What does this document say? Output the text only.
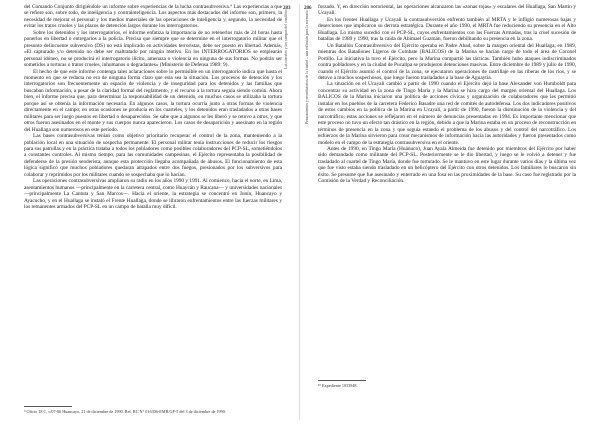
del Comando Conjunto dirigiéndole un informe sobre experiencias de la lucha contrasubversiva.⁹ Las experiencias a que se refiere son, sobre todo, de inteligencia y contrainteligencia. Los aspectos más destacados del informe son, primero, la necesidad de mejorar el personal y los medios materiales de las operaciones de inteligencia y, segundo, la necesidad de evitar los tratos crueles y las plazos de detención largos durante los interrogatorios.

Sobre los detenidos y los interrogatorios, el informe enfatiza la importancia de no retenerlos más de 24 horas hasta ponerlos en libertad o entregarlos a la policía. Precisa que siempre que se determine en el interrogatorio militar que el presunto delincuente subversivo (DS) no está implicado en actividades terroristas, debe ser puesto en libertad. Además, «El capturado y/o detenido no debe ser maltratado por ningún motivo. En los INTERROGATORIOS se emplearán personal idóneo, no se producirá el interrogatorio ilícito, amenaza o violencia en ninguna de sus formas. No podrán ser sometidos a torturas o tratos crueles, inhumanos o degradantes» (Ministerio de Defensa 1989: 9).

El hecho de que este informe contenga tales aclaraciones sobre lo permisible en un interrogatorio indica que hasta el momento en que se redacta no era de ninguna forma claro que esta sea la situación. Los procesos de detención y los interrogatorios son frecuentemente un espacio de violencia y de inseguridad para los detenidos y las familias que buscaban información, a pesar de la claridad formal del reglamento, y el recurso a la tortura seguía siendo común. Ahora bien, el informe precisa que, para determinar la responsabilidad de un detenido, en muchos casos se utilizaba la tortura porque así se obtenía la información necesaria. En algunos casos, la tortura ocurría junto a otras formas de violencia directamente en el campo; en otras ocasiones se producía en los cuarteles, y los detenidos eran trasladados a otras bases militares para ser luego puestos en libertad o desaparecidos. Se sabe que a algunos se les liberó y se retuvo a otros, y que otros fueron asesinados en el monte y sus cuerpos nunca aparecieron. Los casos de desaparición y asesinato en la región del Huallaga son numerosos en este período.

Las bases contrasubversivas tenían como objetivo prioritario recuperar el control de la zona, manteniendo a la población local en una situación de sospecha permanente. El personal militar tenía instrucciones de reducir los riesgos para sus patrullas y en la práctica trataba a todos los pobladores como posibles colaboradores del PCP-SL, sometiéndolos a constantes controles. Al mismo tiempo, para las comunidades campesinas, el Ejército representaba la posibilidad de defenderse de la presión senderista, aunque esta protección llegaba acompañada de abusos. El funcionamiento de esta lógica significó que muchos pobladores quedaran atrapados entre dos fuegos, presionados por los subversivos para colaborar y reprimidos por los militares cuando se sospechaba que lo hacían.

Las operaciones contrasubversivas ampliaron su radio en los años 1990 y 1991. Al comienzo, hacia el norte, en Lima, asentamientos humanos —principalmente en la carretera central, como Huaycán y Raucana— y universidades nacionales —principalmente La Cantuta y San Marcos—. Hacia el oriente, la estrategia se concentró en Junín, Huancayo y Ayacucho, y en el Huallaga se instaló el Frente Huallaga, donde se libraron enfrentamientos entre las fuerzas militares y los remanentes armados del PCP-SL en un campo de batalla muy difícil.

⁹ Oficio 18 C. c/07-06 Huancayo, 21 de diciembre de 1990. Ref. RC N° 016306-EMB/GP-5 del 3 de diciembre de 1990.
283
Las cárceles y los campos del conflicto
286
Pensamientos y recordatorios de la ciudad – una reflexión para la memoria

forzado. Y, en dirección nororiental, las operaciones alcanzaron las «zonas rojas» y escalares del Huallaga, San Martín y Ucayali.

En los frentes Huallaga y Ucayali la contrasubversión enfrentó también al MRTA y le infligió numerosas bajas y deserciones que implicaron su derrota estratégica. Durante el año 1990, el MRTA fue reduciendo su presencia en el Alto Huallaga. Lo mismo sucedió con el PCP-SL, cuyos enfrentamientos con las Fuerzas Armadas, tras la cruel sucesión de batallas de 1989 y 1990, tras la caída de Abimael Guzmán, fueron debilitando su presencia en la zona.

Un Batallón Contrasubversivo del Ejército operaba en Padre Abad, sobre la margen oriental del Huallaga, en 1989, mientras dos Batallones Ligeros de Combate (BALICOS) de la Marina se hacían cargo de todo el área de Coronel Portillo. La iniciativa la tuvo el Ejército, pero la Marina compartió las tácticas. También hubo ataques indiscriminados contra pobladores y en la ciudad de Pucallpa se produjeron detenciones masivas. Entre diciembre de 1989 y julio de 1990, cuando el Ejército asumió el control de la zona, se ejecutaron operaciones de rastrillaje en las riberas de los ríos, y se detuvo a muchos sospechosos, que luego fueron trasladados a la base de Aguaytía.

La situación en el Ucayali cambió a partir de 1990 cuando el Ejército dejó la base Alexander von Humboldt para concentrar su actividad en la zona de Tingo María y la Marina se hizo cargo del margen oriental del Huallaga. Los BALICOS de la Marina iniciaron una política de acciones cívicas y organización de colaboradores que les permitió instalar en los pueblos de la carretera Federico Basadre una red de comités de autodefensa. Los dos indicadores positivos de estos cambios en la política de la Marina en Ucayali, a partir de 1990, fueron la disminución de la violencia y del narcotráfico; estas acciones se reflejaron en el número de denuncias presentadas en 1994. Es importante mencionar que este proceso no tuvo un efecto tan drástico en la región, debido a que la Marina estaba en un proceso de reconstrucción en términos de presencia en la zona y que seguía estando el problema de los abusos y del control del narcotráfico. Los esfuerzos de la Marina sirvieron para crear mecanismos de información hacia las autoridades y fueron presentados como modelo en el campo de la estrategia contrasubversiva en el oriente.

Antes de 1990, en Tingo María (Huánuco), Juan Ayala Almeida fue detenido por miembros del Ejército por haber sido demandado como militante del PCP-SL. Posteriormente se le dio libertad, y luego se le volvió a detener y fue trasladado al cuartel de Tingo María, donde fue torturado. Se le mantuvo en este lugar durante varios días y la última vez que fue visto estaba siendo trasladado en un helicóptero del Ejército con otros detenidos. Los familiares lo buscaron sin éxito. Se presume que fue asesinado y enterrado en una fosa en las proximidades de la base. Su caso fue registrado por la Comisión de la Verdad y Reconciliación.

¹⁰ Expediente 1033948.
